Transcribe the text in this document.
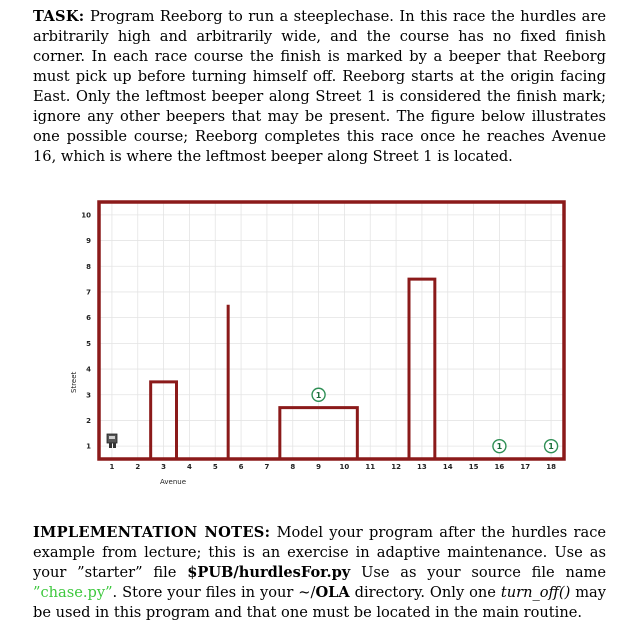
TASK: Program Reeborg to run a steeplechase. In this race the hurdles are arbitrarily high and arbitrarily wide, and the course has no fixed finish corner. In each race course the finish is marked by a beeper that Reeborg must pick up before turning himself off. Reeborg starts at the origin facing East. Only the leftmost beeper along Street 1 is considered the finish mark; ignore any other beepers that may be present. The figure below illustrates one possible course; Reeborg completes this race once he reaches Avenue 16, which is where the leftmost beeper along Street 1 is located.
1
1	1
1	2	3	4	5	6	7	8	9	10 11 12 13 14 15 16 17 18
1
2
3
4
5
6
7
8
9
10
Avenue
Street
IMPLEMENTATION NOTES: Model your program after the hurdles race example from lecture; this is an exercise in adaptive maintenance. Use as your ”starter” file $PUB/hurdlesFor.py Use as your source file name ”chase.py”. Store your files in your ~/OLA directory. Only one turn_off() may be used in this program and that one must be located in the main routine.
